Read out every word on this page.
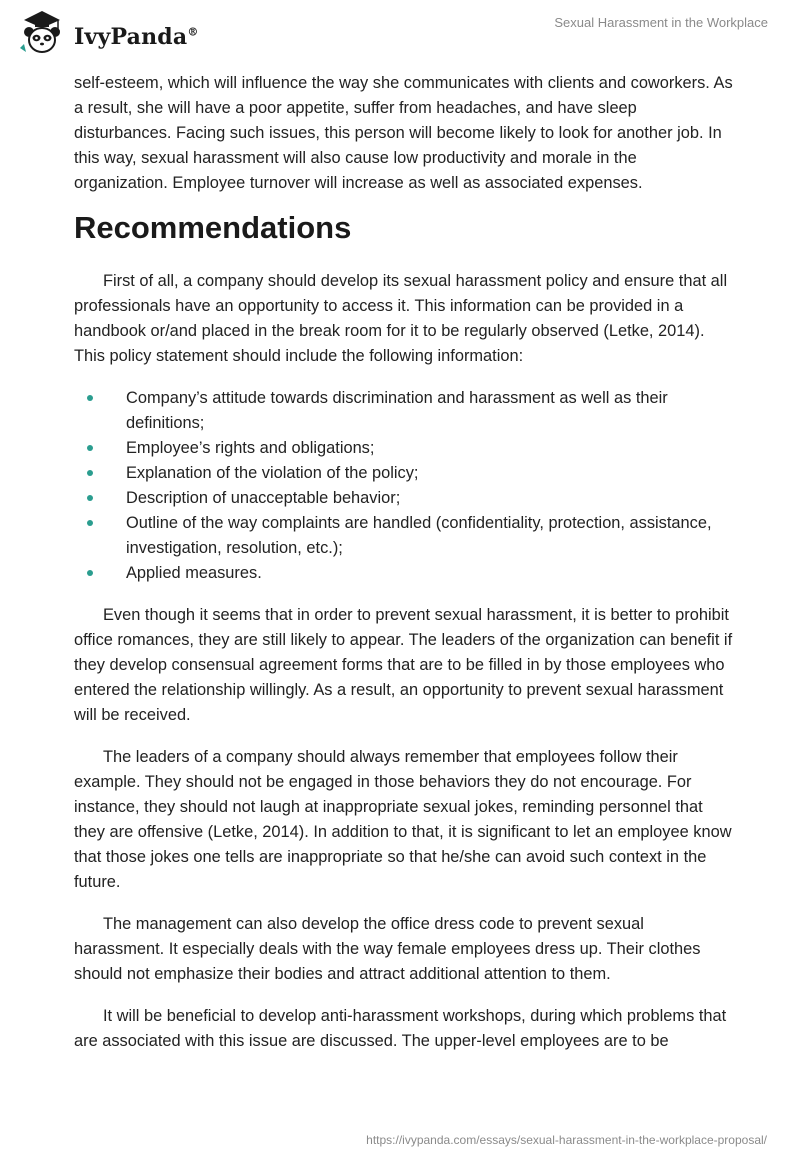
IvyPanda®
Sexual Harassment in the Workplace

self-esteem, which will influence the way she communicates with clients and coworkers. As a result, she will have a poor appetite, suffer from headaches, and have sleep disturbances. Facing such issues, this person will become likely to look for another job. In this way, sexual harassment will also cause low productivity and morale in the organization. Employee turnover will increase as well as associated expenses.

Recommendations

First of all, a company should develop its sexual harassment policy and ensure that all professionals have an opportunity to access it. This information can be provided in a handbook or/and placed in the break room for it to be regularly observed (Letke, 2014). This policy statement should include the following information:

Company’s attitude towards discrimination and harassment as well as their definitions;
Employee’s rights and obligations;
Explanation of the violation of the policy;
Description of unacceptable behavior;
Outline of the way complaints are handled (confidentiality, protection, assistance, investigation, resolution, etc.);
Applied measures.

Even though it seems that in order to prevent sexual harassment, it is better to prohibit office romances, they are still likely to appear. The leaders of the organization can benefit if they develop consensual agreement forms that are to be filled in by those employees who entered the relationship willingly. As a result, an opportunity to prevent sexual harassment will be received.

The leaders of a company should always remember that employees follow their example. They should not be engaged in those behaviors they do not encourage. For instance, they should not laugh at inappropriate sexual jokes, reminding personnel that they are offensive (Letke, 2014). In addition to that, it is significant to let an employee know that those jokes one tells are inappropriate so that he/she can avoid such context in the future.

The management can also develop the office dress code to prevent sexual harassment. It especially deals with the way female employees dress up. Their clothes should not emphasize their bodies and attract additional attention to them.

It will be beneficial to develop anti-harassment workshops, during which problems that are associated with this issue are discussed. The upper-level employees are to be

https://ivypanda.com/essays/sexual-harassment-in-the-workplace-proposal/
